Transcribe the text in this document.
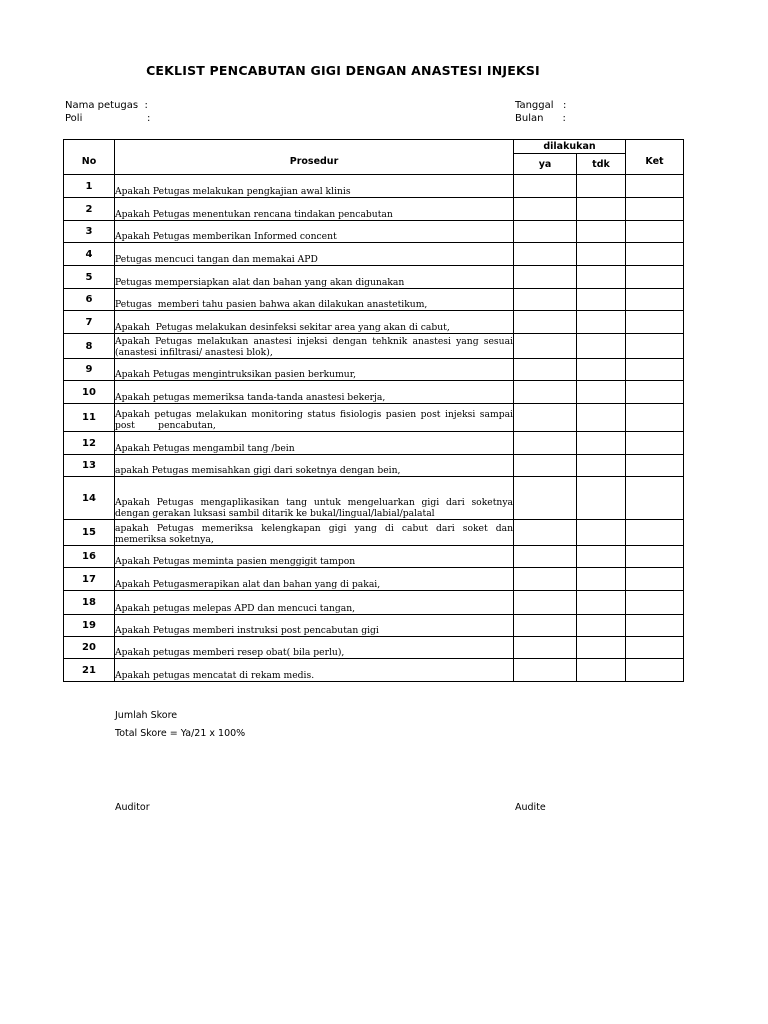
CEKLIST PENCABUTAN GIGI DENGAN ANASTESI INJEKSI
Nama petugas  :
Poli	:
Tanggal   :
Bulan      :
No	Prosedur	dilakukan		Ket
		ya	tdk	
1	Apakah Petugas melakukan pengkajian awal klinis			
2	Apakah Petugas menentukan rencana tindakan pencabutan			
3	Apakah Petugas memberikan Informed concent			
4	Petugas mencuci tangan dan memakai APD			
5	Petugas mempersiapkan alat dan bahan yang akan digunakan			
6	Petugas  memberi tahu pasien bahwa akan dilakukan anastetikum,			
7	Apakah  Petugas melakukan desinfeksi sekitar area yang akan di cabut,			
8	Apakah Petugas melakukan anastesi injeksi dengan tehknik anastesi yang sesuai (anastesi infiltrasi/ anastesi blok),			
9	Apakah Petugas mengintruksikan pasien berkumur,			
10	Apakah petugas memeriksa tanda-tanda anastesi bekerja,			
11	Apakah petugas melakukan monitoring status fisiologis pasien post injeksi sampai post        pencabutan,			
12	Apakah Petugas mengambil tang /bein			
13	apakah Petugas memisahkan gigi dari soketnya dengan bein,			
14	Apakah Petugas mengaplikasikan tang untuk mengeluarkan gigi dari soketnya dengan gerakan luksasi sambil ditarik ke bukal/lingual/labial/palatal			
15	apakah Petugas memeriksa kelengkapan gigi yang di cabut dari soket dan memeriksa soketnya,			
16	Apakah Petugas meminta pasien menggigit tampon			
17	Apakah Petugasmerapikan alat dan bahan yang di pakai,			
18	Apakah petugas melepas APD dan mencuci tangan,			
19	Apakah Petugas memberi instruksi post pencabutan gigi			
20	Apakah petugas memberi resep obat( bila perlu),			
21	Apakah petugas mencatat di rekam medis.			
Jumlah Skore
Total Skore = Ya/21 x 100%
Auditor	Audite
